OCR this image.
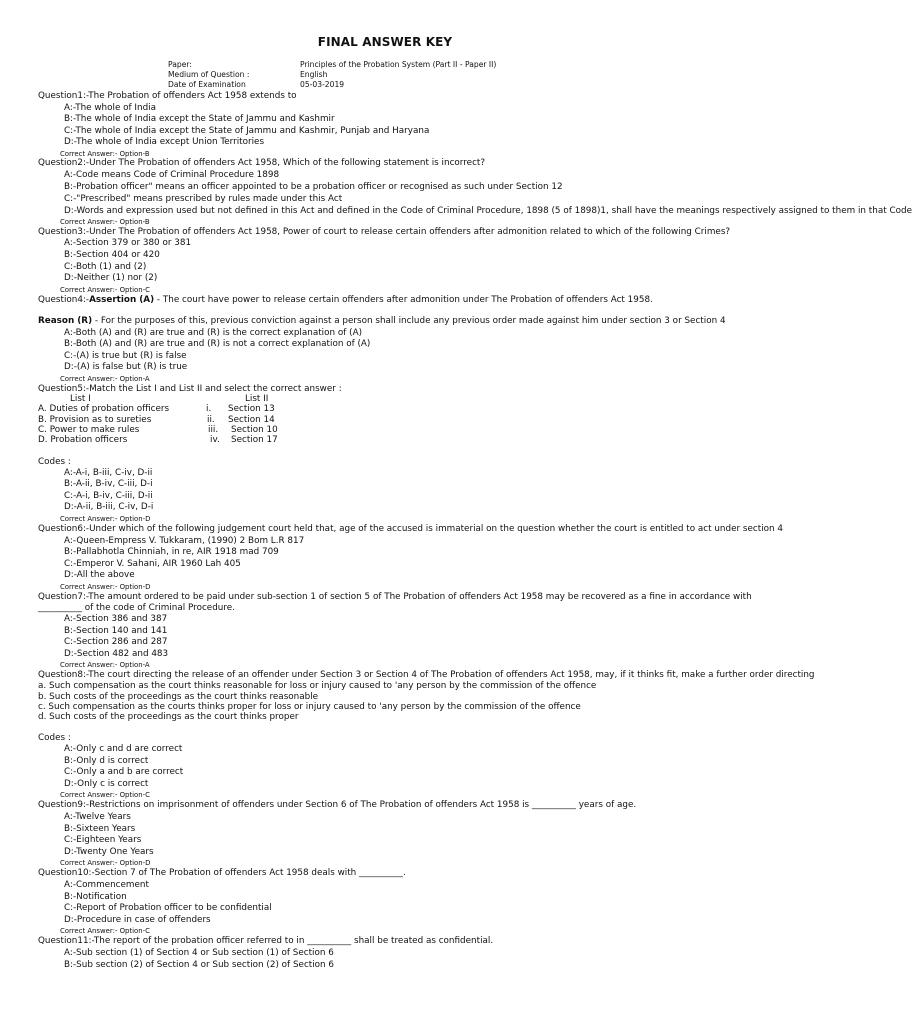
FINAL ANSWER KEY
Paper:	Principles of the Probation System (Part II - Paper II)
Medium of Question :	English
Date of Examination	05-03-2019
Question1:-The Probation of offenders Act 1958 extends to
A:-The whole of India
B:-The whole of India except the State of Jammu and Kashmir
C:-The whole of India except the State of Jammu and Kashmir, Punjab and Haryana
D:-The whole of India except Union Territories
Correct Answer:- Option-B
Question2:-Under The Probation of offenders Act 1958, Which of the following statement is incorrect?
A:-Code means Code of Criminal Procedure 1898
B:-Probation officer" means an officer appointed to be a probation officer or recognised as such under Section 12
C:-"Prescribed" means prescribed by rules made under this Act
D:-Words and expression used but not defined in this Act and defined in the Code of Criminal Procedure, 1898 (5 of 1898)1, shall have the meanings respectively assigned to them in that Code
Correct Answer:- Option-B
Question3:-Under The Probation of offenders Act 1958, Power of court to release certain offenders after admonition related to which of the following Crimes?
A:-Section 379 or 380 or 381
B:-Section 404 or 420
C:-Both (1) and (2)
D:-Neither (1) nor (2)
Correct Answer:- Option-C
Question4:-Assertion (A) - The court have power to release certain offenders after admonition under The Probation of offenders Act 1958.
Reason (R) - For the purposes of this, previous conviction against a person shall include any previous order made against him under section 3 or Section 4
A:-Both (A) and (R) are true and (R) is the correct explanation of (A)
B:-Both (A) and (R) are true and (R) is not a correct explanation of (A)
C:-(A) is true but (R) is false
D:-(A) is false but (R) is true
Correct Answer:- Option-A
Question5:-Match the List I and List II and select the correct answer :
List I	List II
A. Duties of probation officers	i. Section 13
B. Provision as to sureties	ii. Section 14
C. Power to make rules	iii. Section 10
D. Probation officers	iv. Section 17
Codes :
A:-A-i, B-iii, C-iv, D-ii
B:-A-ii, B-iv, C-iii, D-i
C:-A-i, B-iv, C-iii, D-ii
D:-A-ii, B-iii, C-iv, D-i
Correct Answer:- Option-D
Question6:-Under which of the following judgement court held that, age of the accused is immaterial on the question whether the court is entitled to act under section 4
A:-Queen-Empress V. Tukkaram, (1990) 2 Bom L.R 817
B:-Pallabhotla Chinniah, in re, AIR 1918 mad 709
C:-Emperor V. Sahani, AIR 1960 Lah 405
D:-All the above
Correct Answer:- Option-D
Question7:-The amount ordered to be paid under sub-section 1 of section 5 of The Probation of offenders Act 1958 may be recovered as a fine in accordance with
__________ of the code of Criminal Procedure.
A:-Section 386 and 387
B:-Section 140 and 141
C:-Section 286 and 287
D:-Section 482 and 483
Correct Answer:- Option-A
Question8:-The court directing the release of an offender under Section 3 or Section 4 of The Probation of offenders Act 1958, may, if it thinks fit, make a further order directing
a. Such compensation as the court thinks reasonable for loss or injury caused to 'any person by the commission of the offence
b. Such costs of the proceedings as the court thinks reasonable
c. Such compensation as the courts thinks proper for loss or injury caused to 'any person by the commission of the offence
d. Such costs of the proceedings as the court thinks proper
Codes :
A:-Only c and d are correct
B:-Only d is correct
C:-Only a and b are correct
D:-Only c is correct
Correct Answer:- Option-C
Question9:-Restrictions on imprisonment of offenders under Section 6 of The Probation of offenders Act 1958 is __________ years of age.
A:-Twelve Years
B:-Sixteen Years
C:-Eighteen Years
D:-Twenty One Years
Correct Answer:- Option-D
Question10:-Section 7 of The Probation of offenders Act 1958 deals with __________.
A:-Commencement
B:-Notification
C:-Report of Probation officer to be confidential
D:-Procedure in case of offenders
Correct Answer:- Option-C
Question11:-The report of the probation officer referred to in __________ shall be treated as confidential.
A:-Sub section (1) of Section 4 or Sub section (1) of Section 6
B:-Sub section (2) of Section 4 or Sub section (2) of Section 6
